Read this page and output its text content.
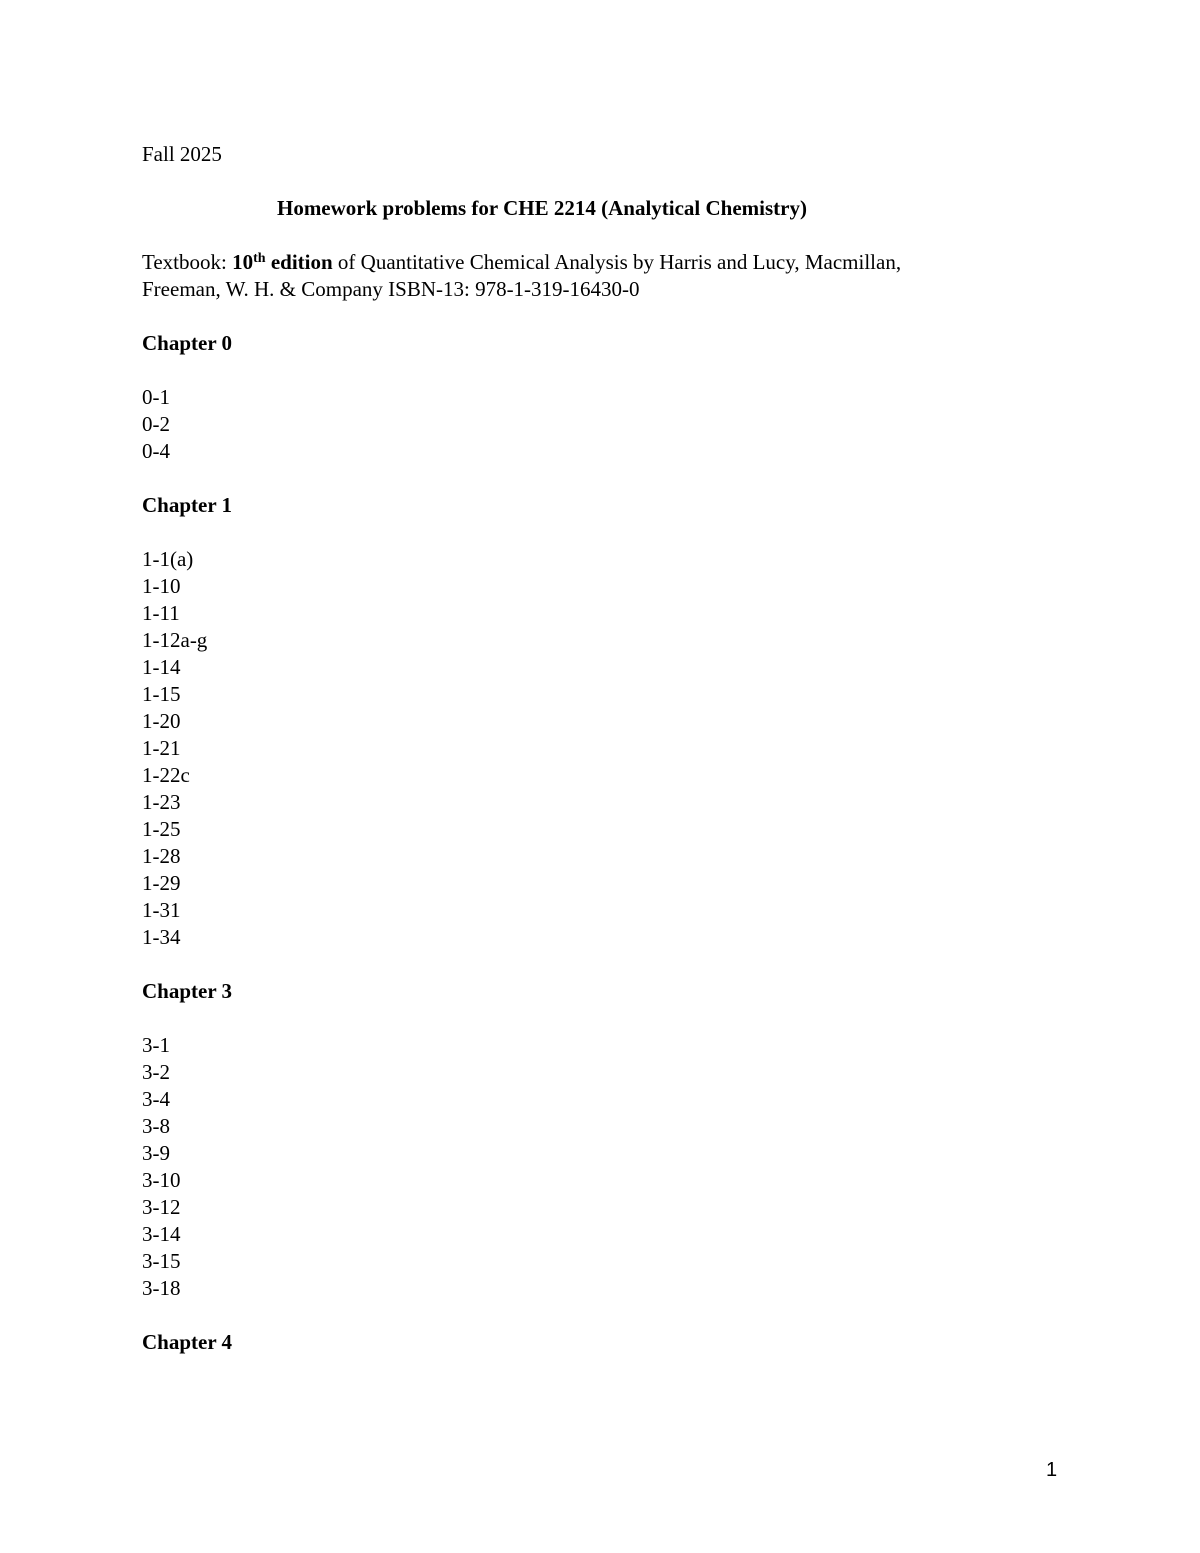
Fall 2025

Homework problems for CHE 2214 (Analytical Chemistry)

Textbook: 10th edition of Quantitative Chemical Analysis by Harris and Lucy, Macmillan,
Freeman, W. H. & Company ISBN-13: 978-1-319-16430-0

Chapter 0

0-1
0-2
0-4

Chapter 1

1-1(a)
1-10
1-11
1-12a-g
1-14
1-15
1-20
1-21
1-22c
1-23
1-25
1-28
1-29
1-31
1-34

Chapter 3

3-1
3-2
3-4
3-8
3-9
3-10
3-12
3-14
3-15
3-18

Chapter 4

1
